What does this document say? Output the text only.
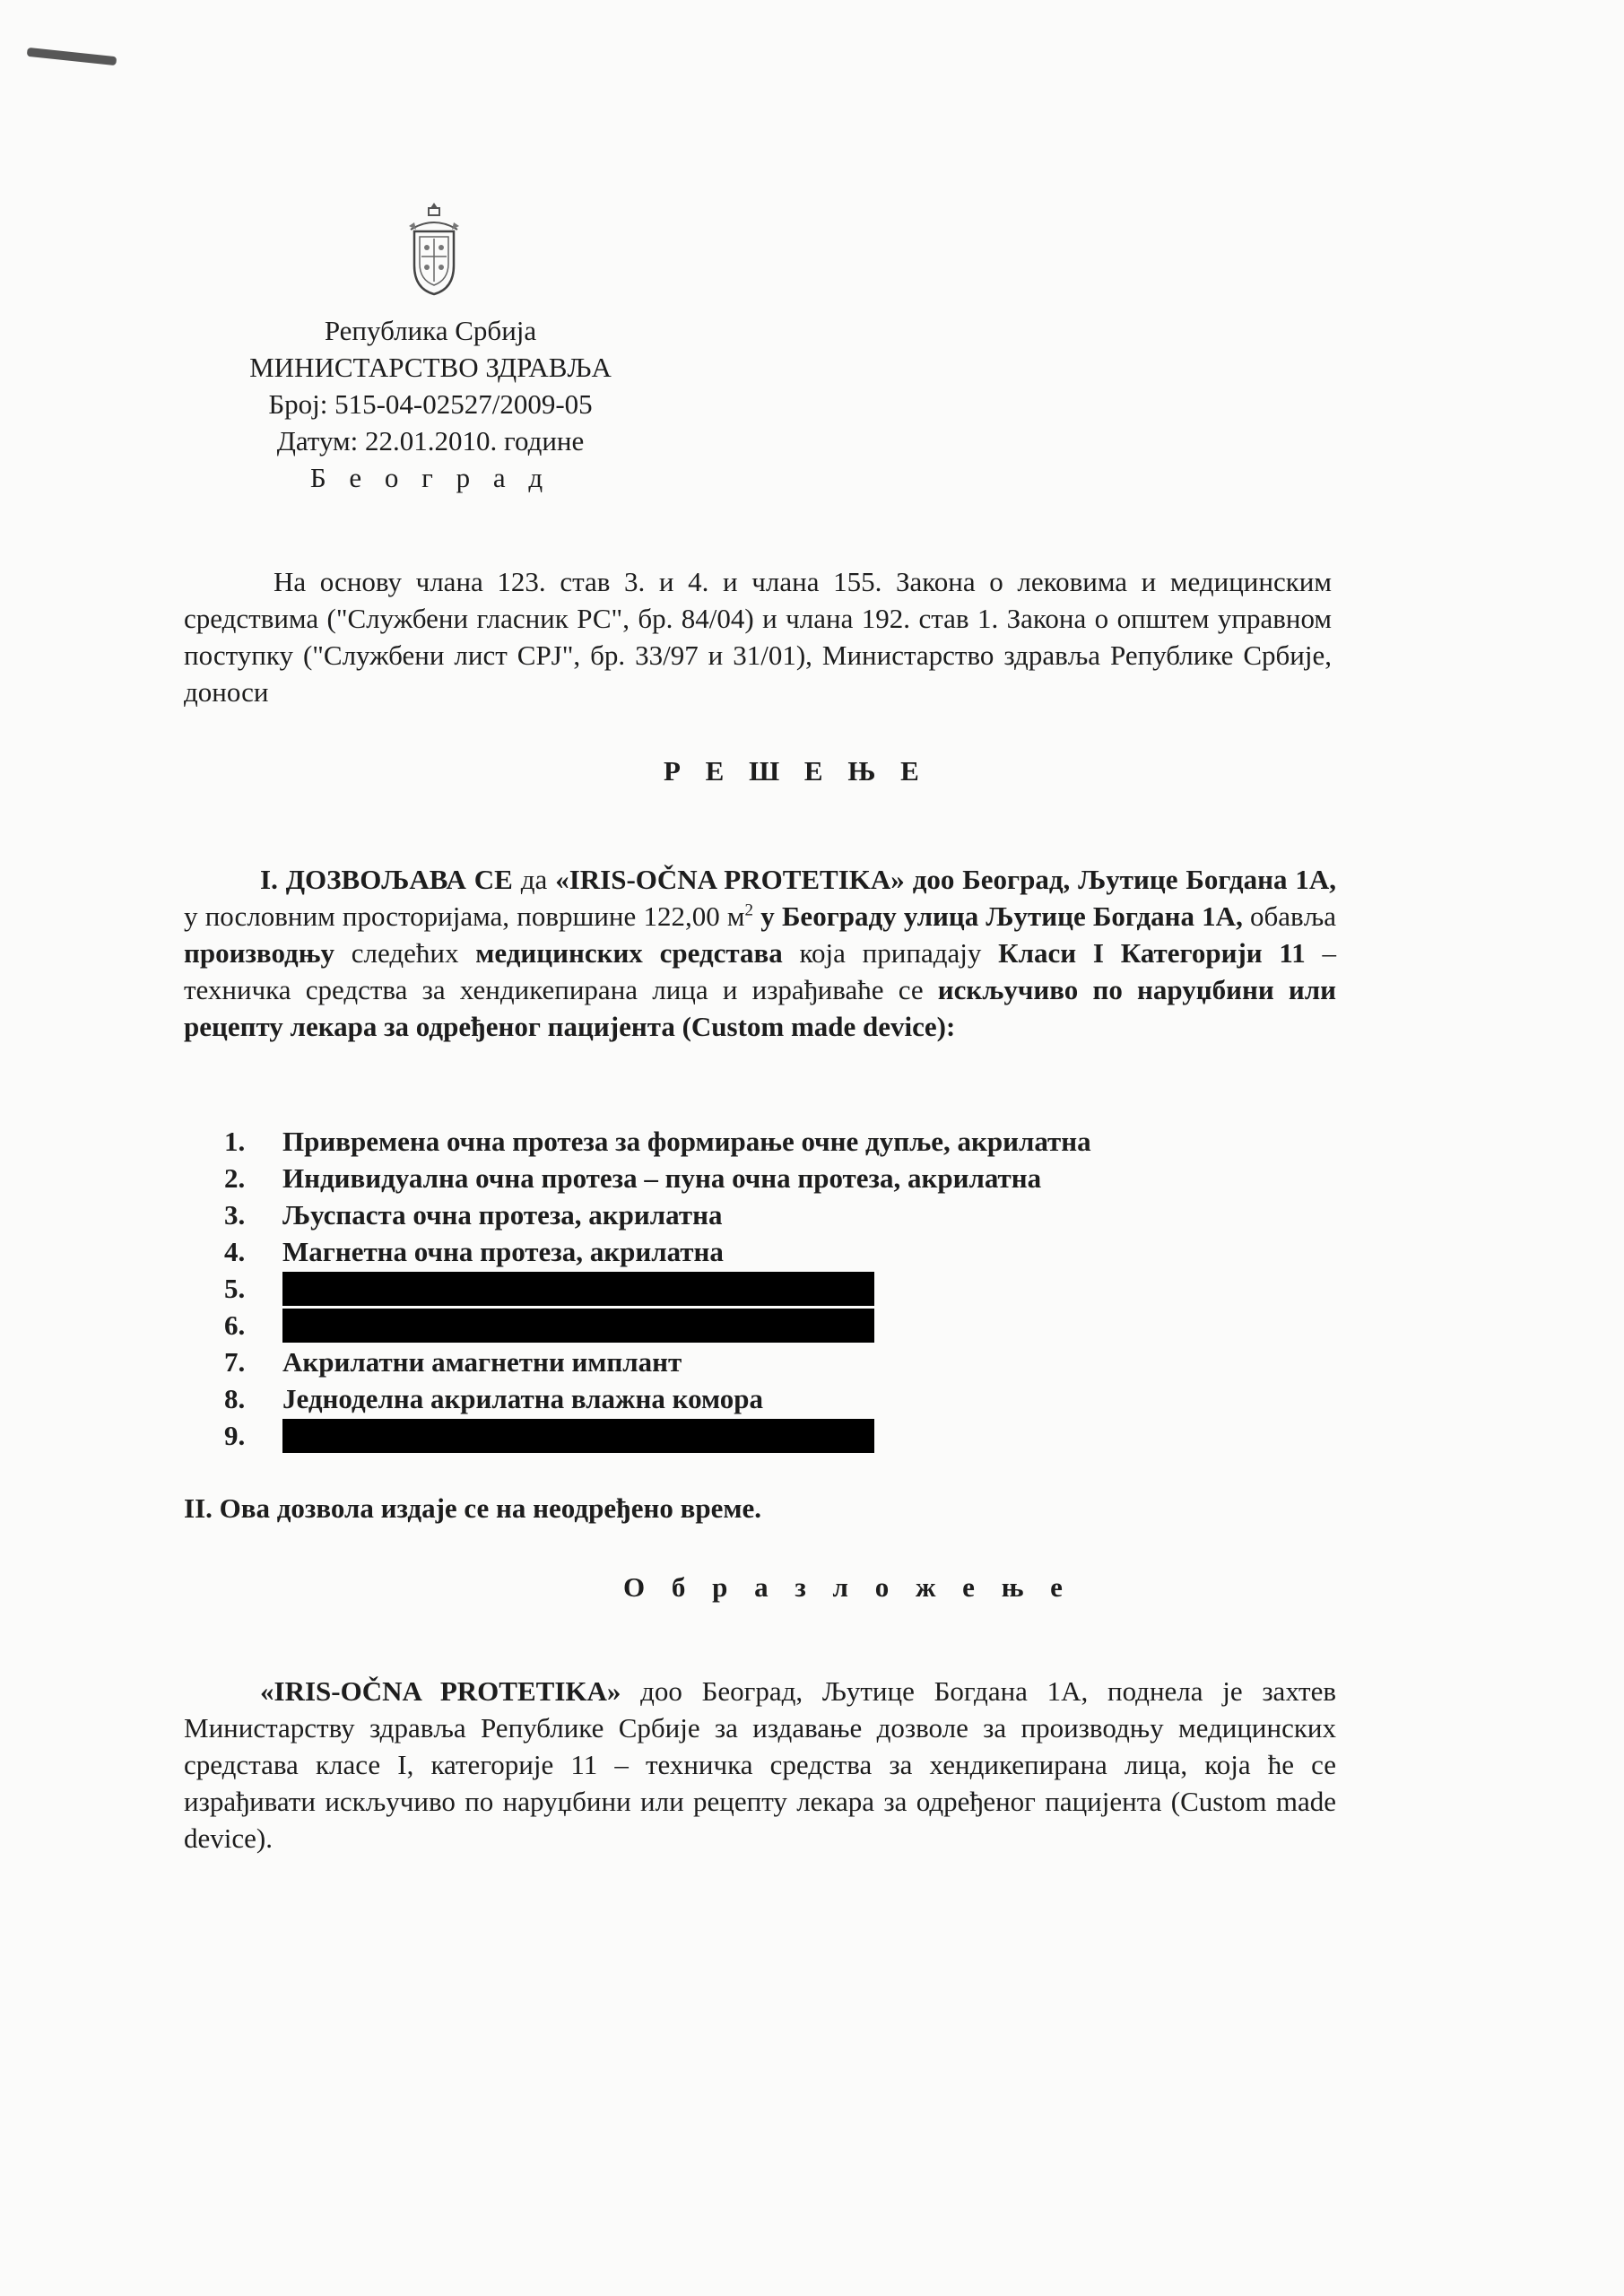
Република Србија
МИНИСТАРСТВО ЗДРАВЉА
Број: 515-04-02527/2009-05
Датум: 22.01.2010. године
Б е о г р а д
На основу члана 123. став 3. и 4. и члана 155. Закона о лековима и медицинским средствима ("Службени гласник РС", бр. 84/04) и члана 192. став 1. Закона о општем управном поступку ("Службени лист СРЈ", бр. 33/97 и 31/01), Министарство здравља Републике Србије, доноси
Р Е Ш Е Њ Е
I. ДОЗВОЉАВА СЕ да «IRIS-OČNA PROTETIKA» доо Београд, Љутице Богдана 1А, у пословним просторијама, површине 122,00 $м^2$ у Београду улица Љутице Богдана 1А, обавља производњу следећих медицинских средстава која припадају Класи I Категорији 11 – техничка средства за хендикепирана лица и израђиваће се искључиво по наруџбини или рецепту лекара за одређеног пацијента (Custom made device):
1.	Привремена очна протеза за формирање очне дупље, акрилатна
2.	Индивидуална очна протеза – пуна очна протеза, акрилатна
3.	Љуспаста очна протеза, акрилатна
4.	Магнетна очна протеза, акрилатна
5.
6.
7.	Акрилатни амагнетни имплант
8.	Једноделна акрилатна влажна комора
9.
II. Ова дозвола издаје се на неодређено време.
О б р а з л о ж е њ е
«IRIS-OČNA PROTETIKA» доо Београд, Љутице Богдана 1А, поднела је захтев Министарству здравља Републике Србије за издавање дозволе за производњу медицинских средстава класе I, категорије 11 – техничка средства за хендикепирана лица, која ће се израђивати искључиво по наруџбини или рецепту лекара за одређеног пацијента (Custom made device).
